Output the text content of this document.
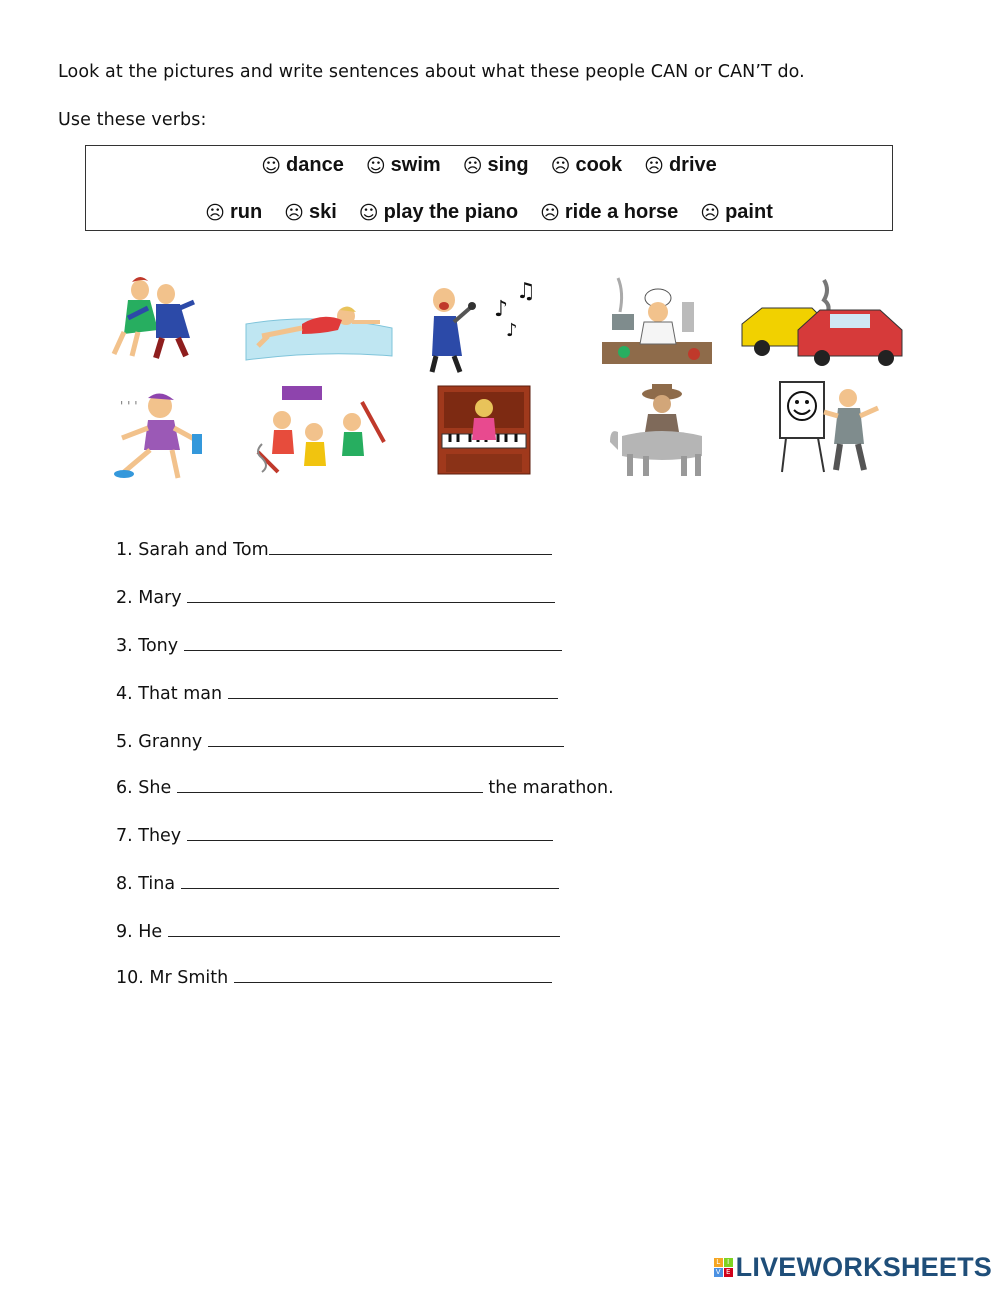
Look at the pictures and write sentences about what these people CAN or CAN’T do.
Use these verbs:
☺ dance ☺ swim ☹ sing ☹ cook ☹ drive
☹ run ☹ ski ☺ play the piano ☹ ride a horse ☹ paint
♪
♫
♪
' ' '
1. Sarah and Tom
2. Mary
3. Tony
4. That man
5. Granny
6. She	the marathon.
7. They
8. Tina
9. He
10. Mr Smith
L	I
V E LIVEWORKSHEETS
